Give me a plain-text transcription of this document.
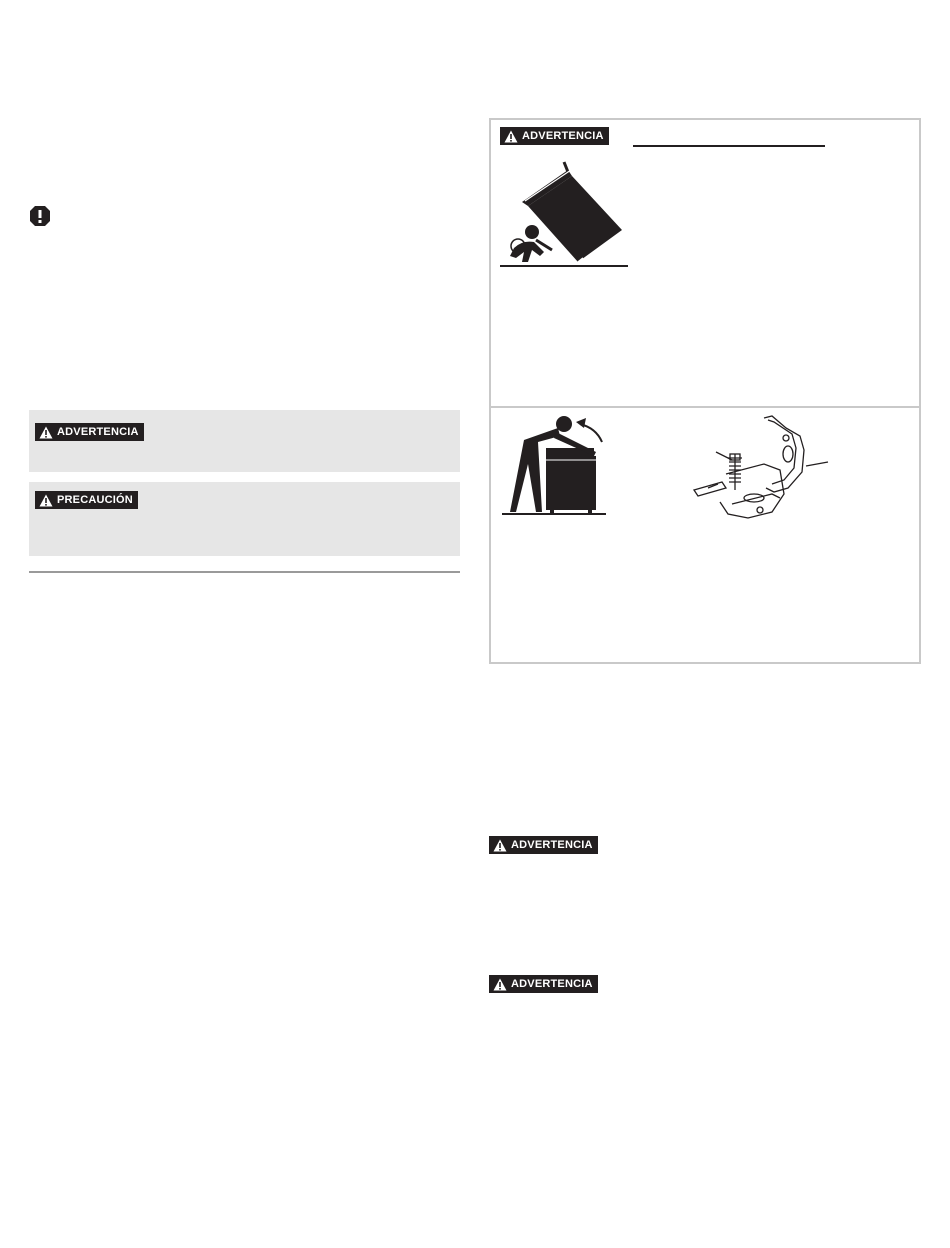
ADVERTENCIA
PRECAUCIÓN
ADVERTENCIA
ADVERTENCIA
ADVERTENCIA
